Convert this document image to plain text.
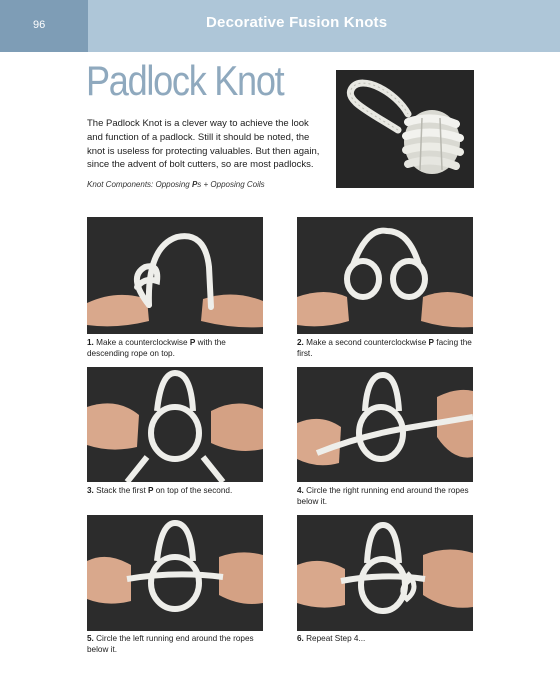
96	Decorative Fusion Knots
Padlock Knot

The Padlock Knot is a clever way to achieve the look and function of a padlock. Still it should be noted, the knot is useless for protecting valuables. But then again, since the advent of bolt cutters, so are most padlocks.

Knot Components: Opposing Ps + Opposing Coils
1. Make a counterclockwise P with the descending rope on top.
2. Make a second counterclockwise P facing the first.
3. Stack the first P on top of the second.	4. Circle the right running end around the ropes below it.
5. Circle the left running end around the ropes below it.
6. Repeat Step 4...
